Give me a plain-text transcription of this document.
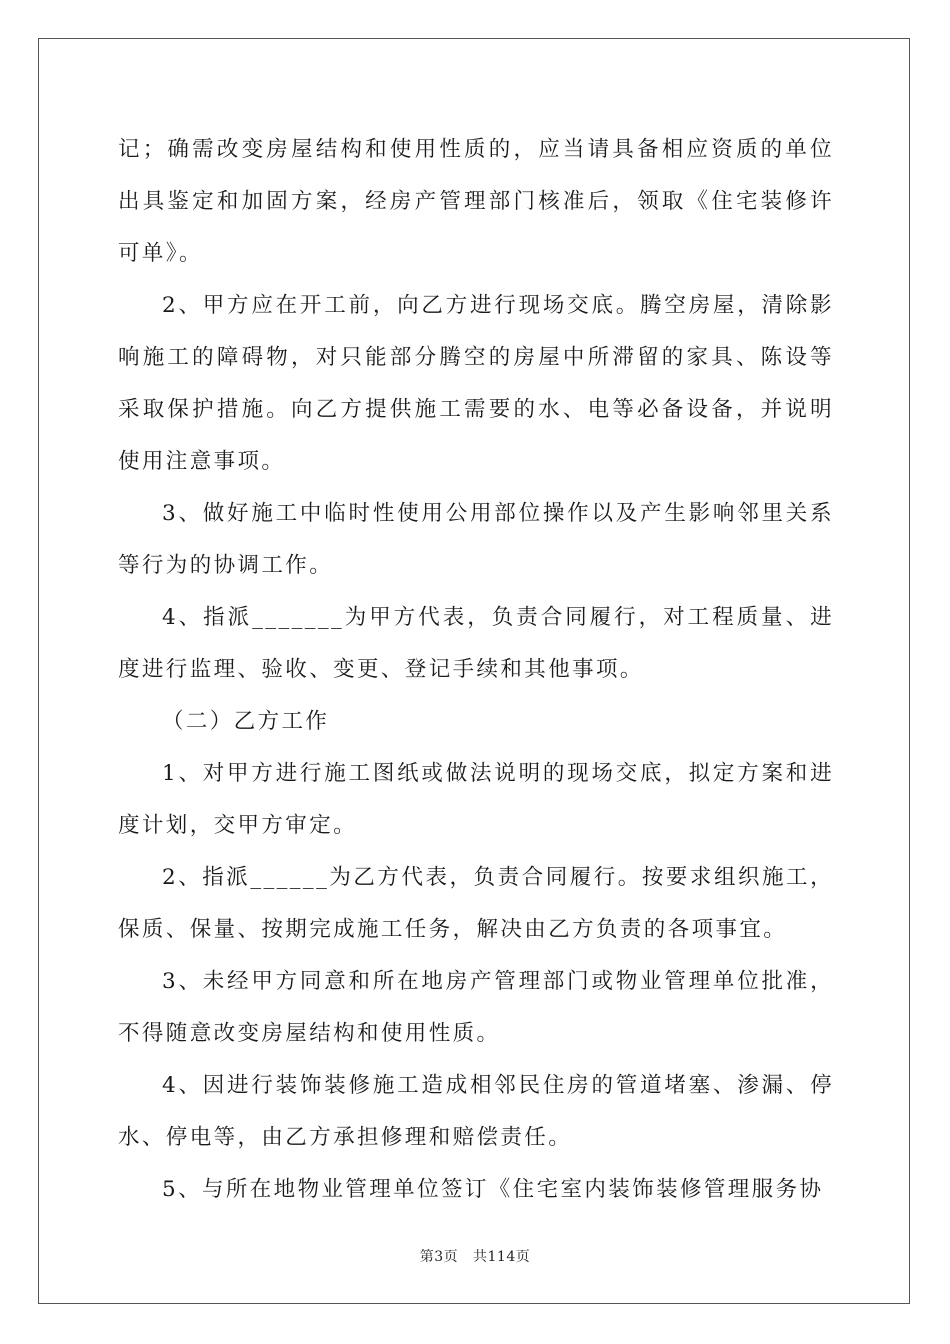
记；确需改变房屋结构和使用性质的，应当请具备相应资质的单位出具鉴定和加固方案，经房产管理部门核准后，领取《住宅装修许可单》。

2、甲方应在开工前，向乙方进行现场交底。腾空房屋，清除影响施工的障碍物，对只能部分腾空的房屋中所滞留的家具、陈设等采取保护措施。向乙方提供施工需要的水、电等必备设备，并说明使用注意事项。

3、做好施工中临时性使用公用部位操作以及产生影响邻里关系等行为的协调工作。

4、指派_______为甲方代表，负责合同履行，对工程质量、进度进行监理、验收、变更、登记手续和其他事项。

（二）乙方工作

1、对甲方进行施工图纸或做法说明的现场交底，拟定方案和进度计划，交甲方审定。

2、指派______为乙方代表，负责合同履行。按要求组织施工，保质、保量、按期完成施工任务，解决由乙方负责的各项事宜。

3、未经甲方同意和所在地房产管理部门或物业管理单位批准，不得随意改变房屋结构和使用性质。

4、因进行装饰装修施工造成相邻民住房的管道堵塞、渗漏、停水、停电等，由乙方承担修理和赔偿责任。

5、与所在地物业管理单位签订《住宅室内装饰装修管理服务协

第3页   共114页
